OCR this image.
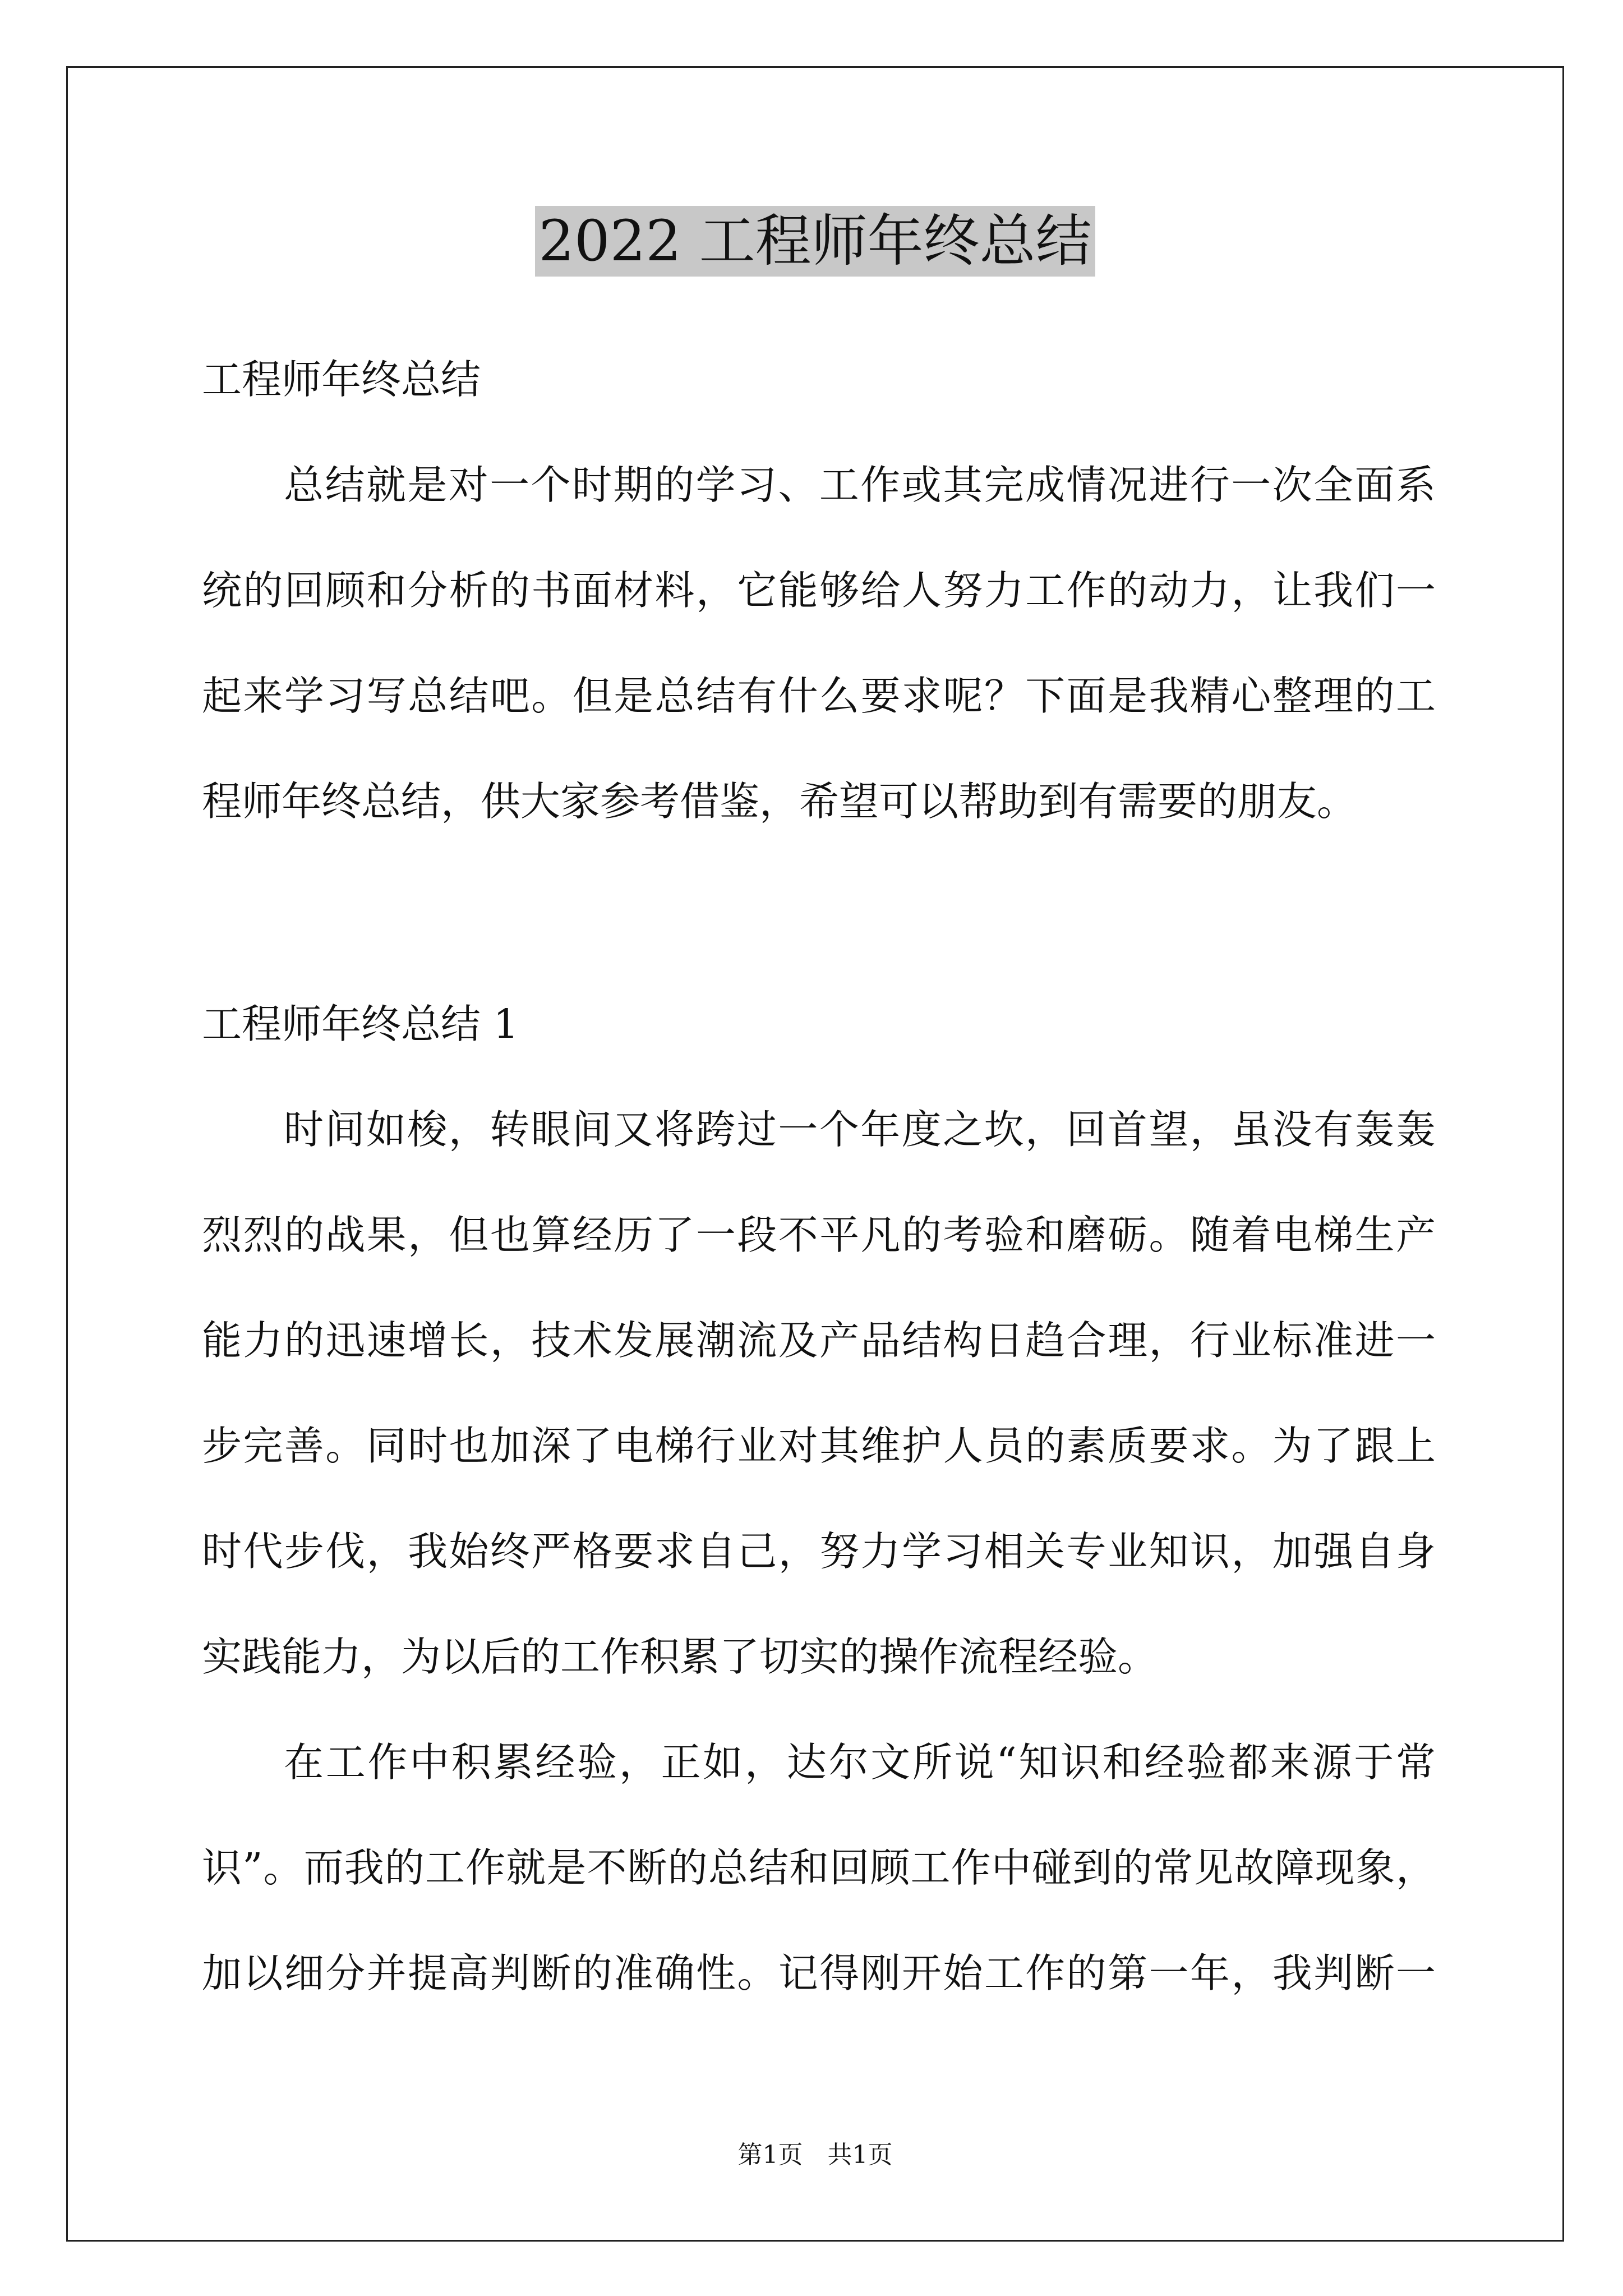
2022 工程师年终总结
工程师年终总结
总结就是对一个时期的学习、工作或其完成情况进行一次全面系
统的回顾和分析的书面材料，它能够给人努力工作的动力，让我们一
起来学习写总结吧。但是总结有什么要求呢？下面是我精心整理的工
程师年终总结，供大家参考借鉴，希望可以帮助到有需要的朋友。
工程师年终总结 1
时间如梭，转眼间又将跨过一个年度之坎，回首望，虽没有轰轰
烈烈的战果，但也算经历了一段不平凡的考验和磨砺。随着电梯生产
能力的迅速增长，技术发展潮流及产品结构日趋合理，行业标准进一
步完善。同时也加深了电梯行业对其维护人员的素质要求。为了跟上
时代步伐，我始终严格要求自己，努力学习相关专业知识，加强自身
实践能力，为以后的工作积累了切实的操作流程经验。
在工作中积累经验，正如，达尔文所说“知识和经验都来源于常
识”。而我的工作就是不断的总结和回顾工作中碰到的常见故障现象，
加以细分并提高判断的准确性。记得刚开始工作的第一年，我判断一
第1页　共1页
